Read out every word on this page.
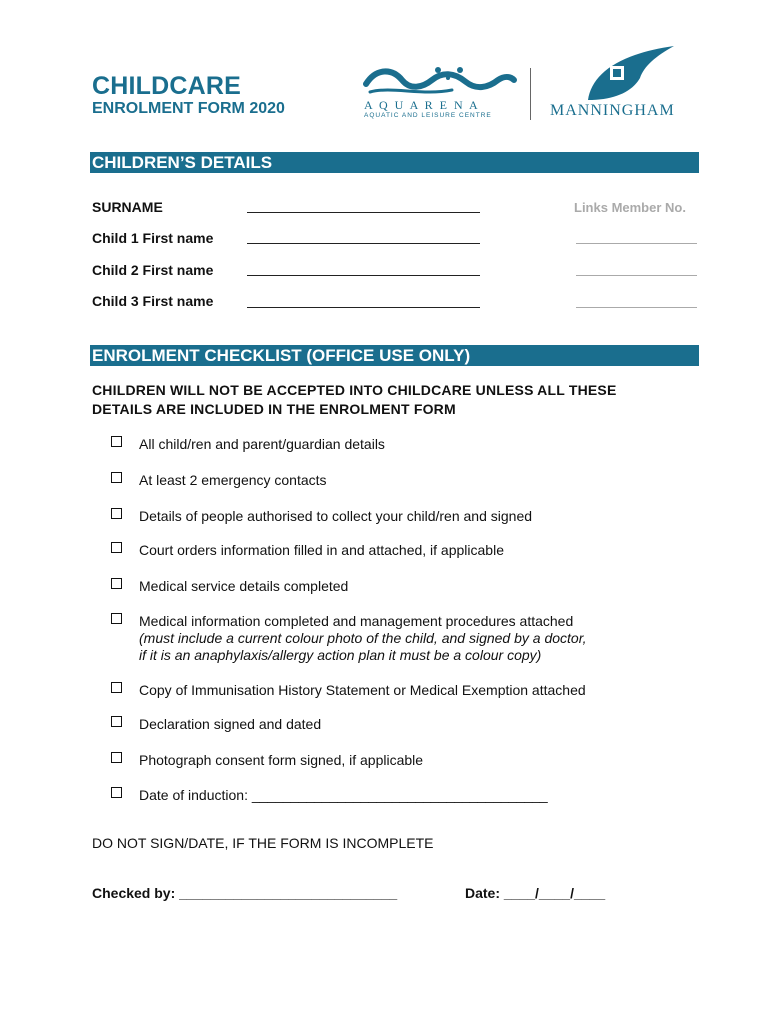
CHILDCARE
ENROLMENT FORM 2020	A Q U A R E N A
AQUATIC AND LEISURE CENTRE	MANNINGHAM
CHILDREN’S DETAILS
SURNAME	Links Member No.
Child 1 First name
Child 2 First name
Child 3 First name
ENROLMENT CHECKLIST (OFFICE USE ONLY)
CHILDREN WILL NOT BE ACCEPTED INTO CHILDCARE UNLESS ALL THESE
DETAILS ARE INCLUDED IN THE ENROLMENT FORM
All child/ren and parent/guardian details
At least 2 emergency contacts
Details of people authorised to collect your child/ren and signed
Court orders information filled in and attached, if applicable
Medical service details completed
Medical information completed and management procedures attached
(must include a current colour photo of the child, and signed by a doctor,
if it is an anaphylaxis/allergy action plan it must be a colour copy)
Copy of Immunisation History Statement or Medical Exemption attached
Declaration signed and dated
Photograph consent form signed, if applicable
Date of induction: ______________________________________
DO NOT SIGN/DATE, IF THE FORM IS INCOMPLETE
Checked by: ____________________________	Date: ____/____/____
